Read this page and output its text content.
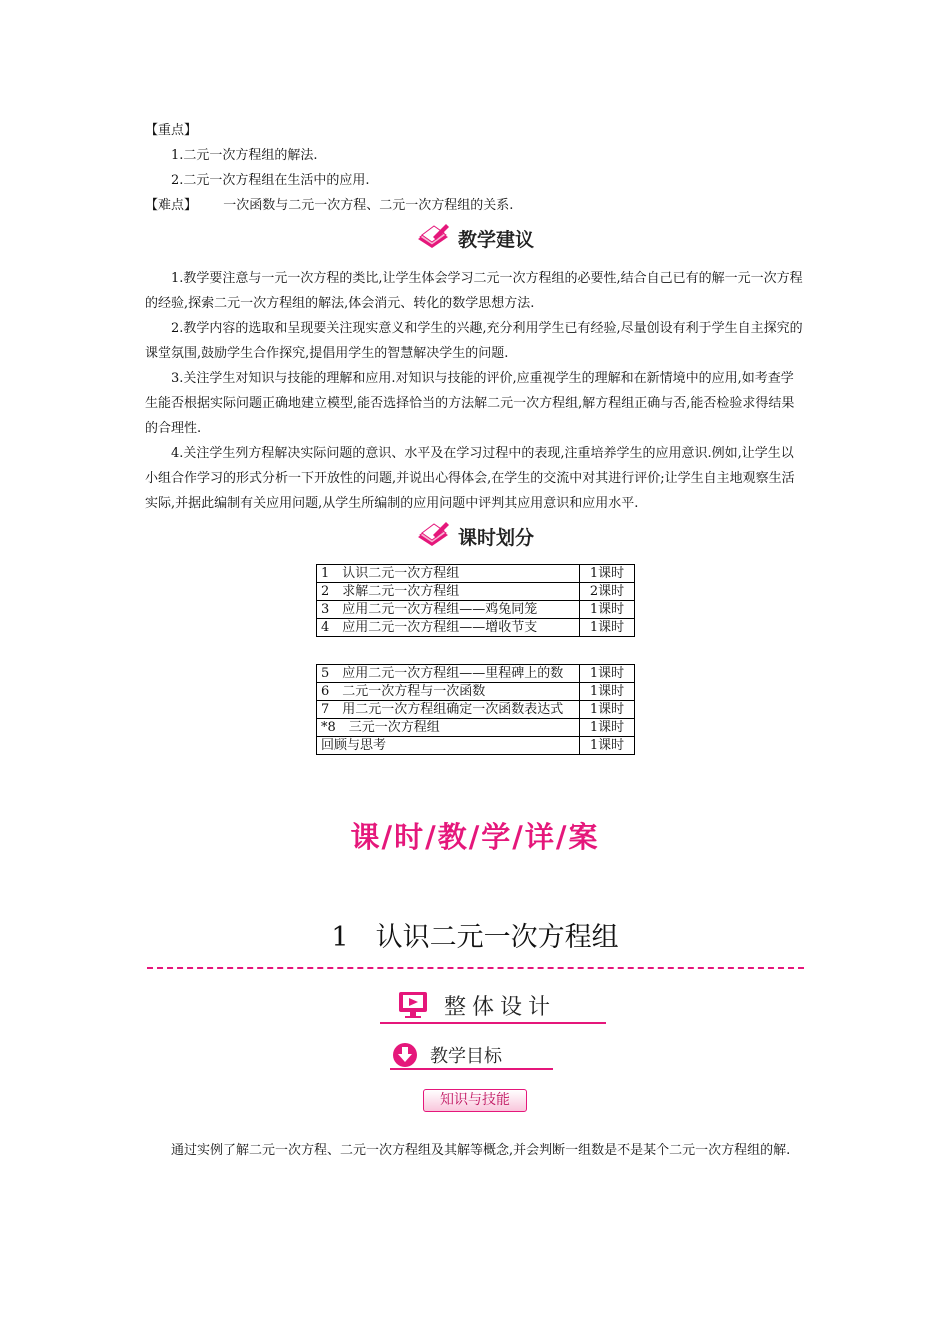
【重点】
1.二元一次方程组的解法.
2.二元一次方程组在生活中的应用.
【难点】 一次函数与二元一次方程、二元一次方程组的关系.
教学建议
1.教学要注意与一元一次方程的类比,让学生体会学习二元一次方程组的必要性,结合自己已有的解一元一次方程的经验,探索二元一次方程组的解法,体会消元、转化的数学思想方法.
2.教学内容的选取和呈现要关注现实意义和学生的兴趣,充分利用学生已有经验,尽量创设有利于学生自主探究的课堂氛围,鼓励学生合作探究,提倡用学生的智慧解决学生的问题.
3.关注学生对知识与技能的理解和应用.对知识与技能的评价,应重视学生的理解和在新情境中的应用,如考查学生能否根据实际问题正确地建立模型,能否选择恰当的方法解二元一次方程组,解方程组正确与否,能否检验求得结果的合理性.
4.关注学生列方程解决实际问题的意识、水平及在学习过程中的表现,注重培养学生的应用意识.例如,让学生以小组合作学习的形式分析一下开放性的问题,并说出心得体会,在学生的交流中对其进行评价;让学生自主地观察生活实际,并据此编制有关应用问题,从学生所编制的应用问题中评判其应用意识和应用水平.
课时划分
1　认识二元一次方程组	1课时
2　求解二元一次方程组	2课时
3　应用二元一次方程组——鸡兔同笼	1课时
4　应用二元一次方程组——增收节支	1课时
5　应用二元一次方程组——里程碑上的数	1课时
6　二元一次方程与一次函数	1课时
7　用二元一次方程组确定一次函数表达式	1课时
*8　三元一次方程组	1课时
回顾与思考	1课时
课/时/教/学/详/案
1　认识二元一次方程组
整体设计
教学目标
知识与技能
通过实例了解二元一次方程、二元一次方程组及其解等概念,并会判断一组数是不是某个二元一次方程组的解.
